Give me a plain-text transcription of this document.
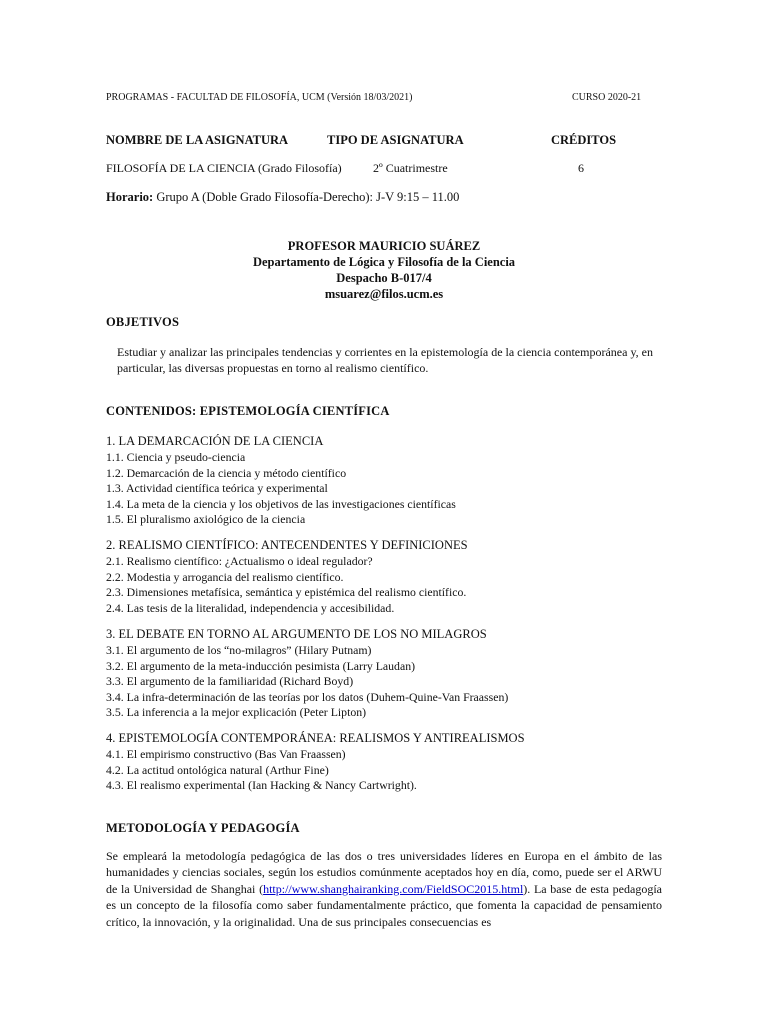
PROGRAMAS - FACULTAD DE FILOSOFÍA, UCM (Versión 18/03/2021)	CURSO 2020-21
NOMBRE DE LA ASIGNATURA	TIPO DE ASIGNATURA	CRÉDITOS
FILOSOFÍA DE LA CIENCIA (Grado Filosofía)	2º Cuatrimestre	6
Horario: Grupo A (Doble Grado Filosofía-Derecho): J-V 9:15 – 11.00
PROFESOR MAURICIO SUÁREZ
Departamento de Lógica y Filosofía de la Ciencia
Despacho B-017/4
msuarez@filos.ucm.es
OBJETIVOS
Estudiar y analizar las principales tendencias y corrientes en la epistemología de la ciencia contemporánea y, en particular, las diversas propuestas en torno al realismo científico.
CONTENIDOS: EPISTEMOLOGÍA CIENTÍFICA
1. LA DEMARCACIÓN DE LA CIENCIA
1.1. Ciencia y pseudo-ciencia
1.2. Demarcación de la ciencia y método científico
1.3. Actividad científica teórica y experimental
1.4. La meta de la ciencia y los objetivos de las investigaciones científicas
1.5. El pluralismo axiológico de la ciencia
2. REALISMO CIENTÍFICO: ANTECENDENTES Y DEFINICIONES
2.1. Realismo científico: ¿Actualismo o ideal regulador?
2.2. Modestia y arrogancia del realismo científico.
2.3. Dimensiones metafísica, semántica y epistémica del realismo científico.
2.4. Las tesis de la literalidad, independencia y accesibilidad.
3. EL DEBATE EN TORNO AL ARGUMENTO DE LOS NO MILAGROS
3.1. El argumento de los “no-milagros” (Hilary Putnam)
3.2. El argumento de la meta-inducción pesimista (Larry Laudan)
3.3. El argumento de la familiaridad (Richard Boyd)
3.4. La infra-determinación de las teorías por los datos (Duhem-Quine-Van Fraassen)
3.5. La inferencia a la mejor explicación (Peter Lipton)
4. EPISTEMOLOGÍA CONTEMPORÁNEA: REALISMOS Y ANTIREALISMOS
4.1. El empirismo constructivo (Bas Van Fraassen)
4.2. La actitud ontológica natural (Arthur Fine)
4.3. El realismo experimental (Ian Hacking & Nancy Cartwright).
METODOLOGÍA Y PEDAGOGÍA
Se empleará la metodología pedagógica de las dos o tres universidades líderes en Europa en el ámbito de las humanidades y ciencias sociales, según los estudios comúnmente aceptados hoy en día, como, puede ser el ARWU de la Universidad de Shanghai (http://www.shanghairanking.com/FieldSOC2015.html). La base de esta pedagogía es un concepto de la filosofía como saber fundamentalmente práctico, que fomenta la capacidad de pensamiento crítico, la innovación, y la originalidad. Una de sus principales consecuencias es
